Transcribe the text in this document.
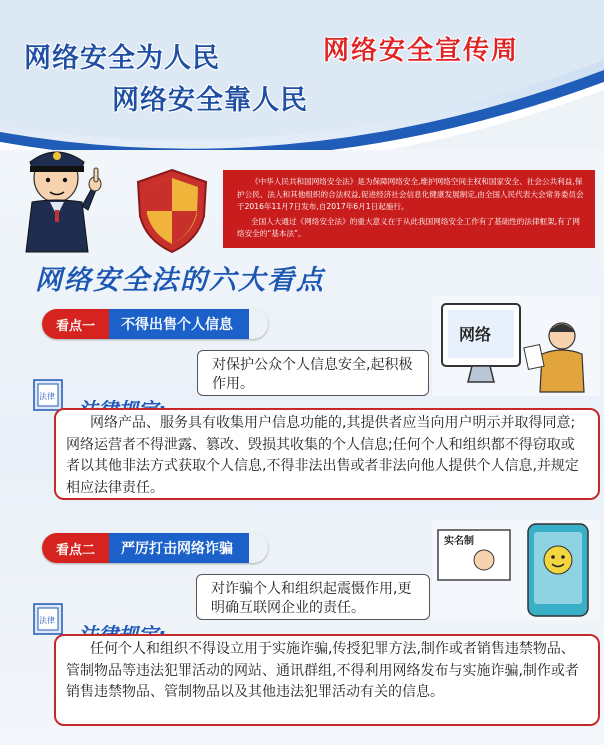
网络安全为人民
网络安全靠人民
网络安全宣传周

《中华人民共和国网络安全法》是为保障网络安全,维护网络空间主权和国家安全、社会公共利益,保护公民、法人和其他组织的合法权益,促进经济社会信息化健康发展制定,由全国人民代表大会常务委员会于2016年11月7日发布,自2017年6月1日起施行。

全国人大通过《网络安全法》的重大意义在于从此我国网络安全工作有了基础性的法律框架,有了网络安全的“基本法”。

网络安全法的六大看点
看点一	不得出售个人信息	网络
对保护公众个人信息安全,起积极作用。
法律
网络产品、服务具有收集用户信息功能的,其提供者应当向用户明示并取得同意;网络运营者不得泄露、篡改、毁损其收集的个人信息;任何个人和组织都不得窃取或者以其他非法方式获取个人信息,不得非法出售或者非法向他人提供个人信息,并规定相应法律责任。
看点二	严厉打击网络诈骗	实名制
对诈骗个人和组织起震慑作用,更明确互联网企业的责任。
法律
任何个人和组织不得设立用于实施诈骗,传授犯罪方法,制作或者销售违禁物品、管制物品等违法犯罪活动的网站、通讯群组,不得利用网络发布与实施诈骗,制作或者销售违禁物品、管制物品以及其他违法犯罪活动有关的信息。
